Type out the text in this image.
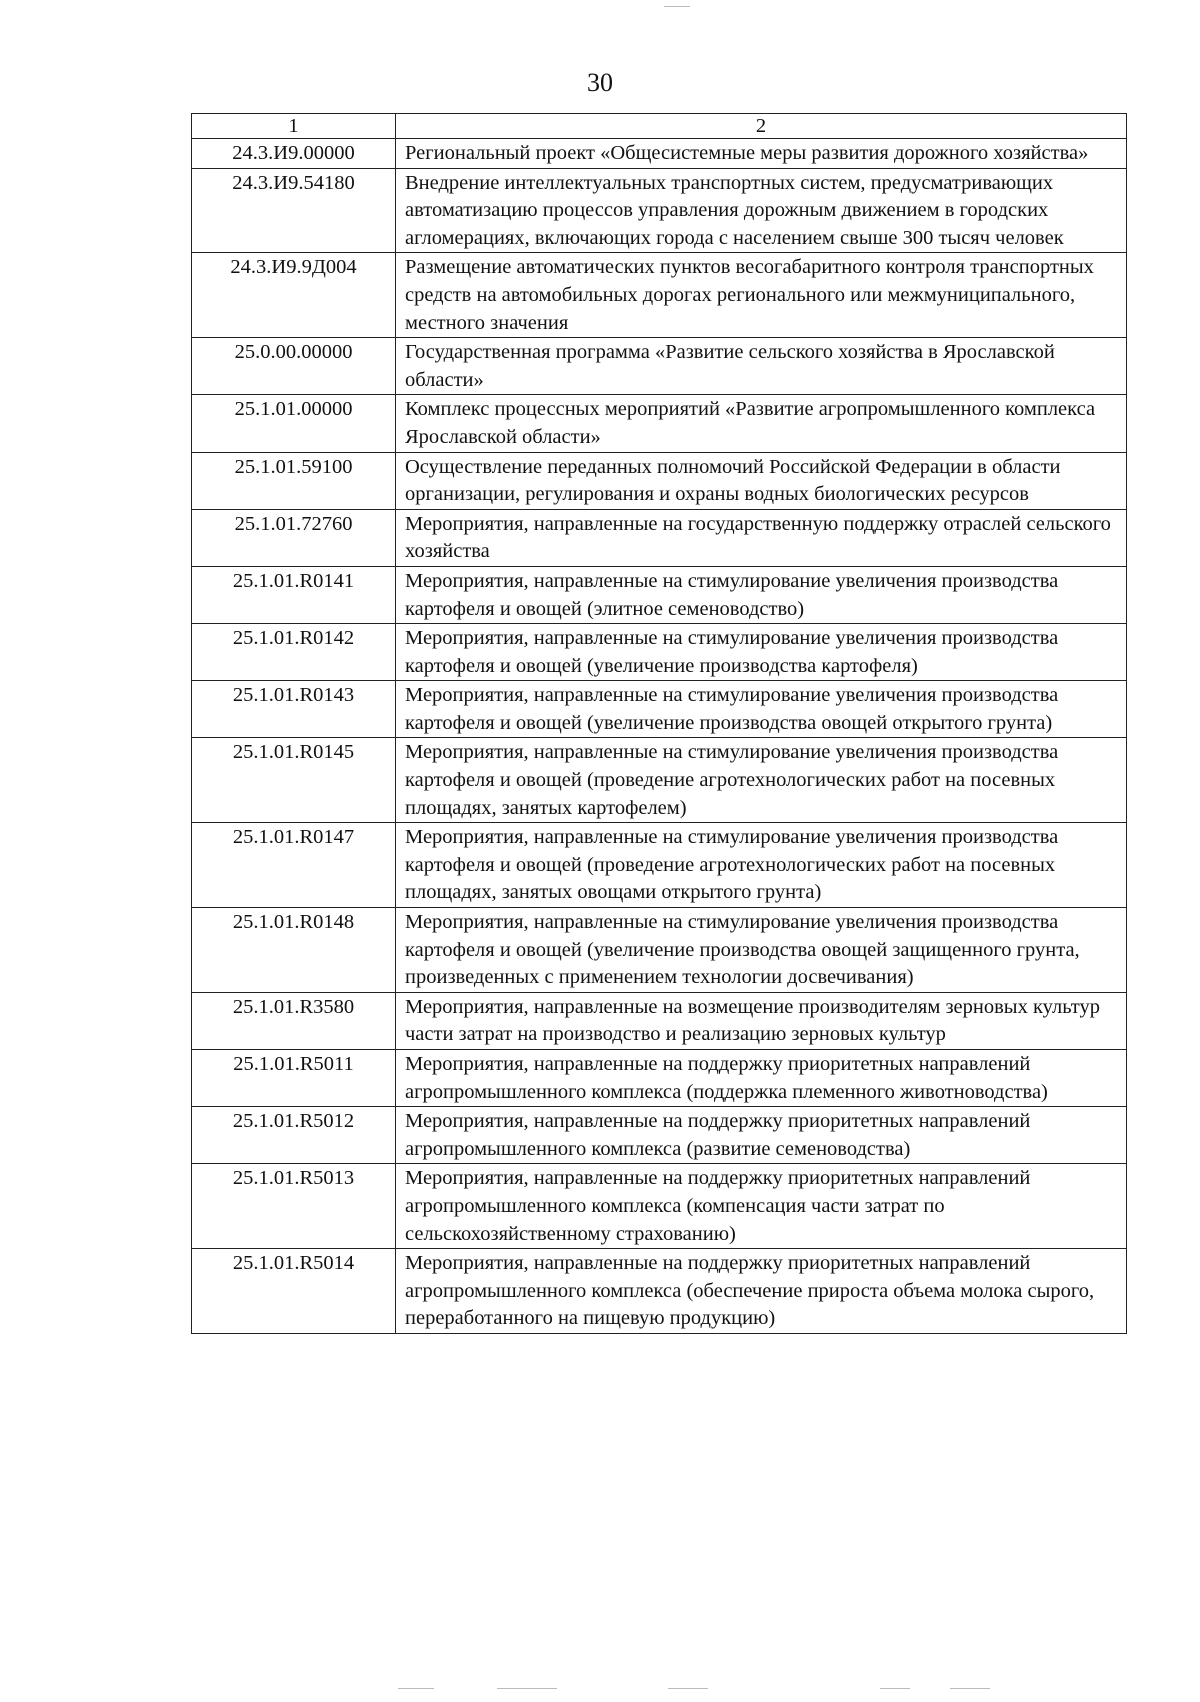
30
1	2
24.3.И9.00000	Региональный проект «Общесистемные меры развития дорожного хозяйства»
24.3.И9.54180	Внедрение интеллектуальных транспортных систем, предусматривающих автоматизацию процессов управления дорожным движением в городских агломерациях, включающих города с населением свыше 300 тысяч человек
24.3.И9.9Д004	Размещение автоматических пунктов весогабаритного контроля транспортных средств на автомобильных дорогах регионального или межмуниципального, местного значения
25.0.00.00000	Государственная программа «Развитие сельского хозяйства в Ярославской области»
25.1.01.00000	Комплекс процессных мероприятий «Развитие агропромышленного комплекса Ярославской области»
25.1.01.59100	Осуществление переданных полномочий Российской Федерации в области организации, регулирования и охраны водных биологических ресурсов
25.1.01.72760	Мероприятия, направленные на государственную поддержку отраслей сельского хозяйства
25.1.01.R0141	Мероприятия, направленные на стимулирование увеличения производства картофеля и овощей (элитное семеноводство)
25.1.01.R0142	Мероприятия, направленные на стимулирование увеличения производства картофеля и овощей (увеличение производства картофеля)
25.1.01.R0143	Мероприятия, направленные на стимулирование увеличения производства картофеля и овощей (увеличение производства овощей открытого грунта)
25.1.01.R0145	Мероприятия, направленные на стимулирование увеличения производства картофеля и овощей (проведение агротехнологических работ на посевных площадях, занятых картофелем)
25.1.01.R0147	Мероприятия, направленные на стимулирование увеличения производства картофеля и овощей (проведение агротехнологических работ на посевных площадях, занятых овощами открытого грунта)
25.1.01.R0148	Мероприятия, направленные на стимулирование увеличения производства картофеля и овощей (увеличение производства овощей защищенного грунта, произведенных с применением технологии досвечивания)
25.1.01.R3580	Мероприятия, направленные на возмещение производителям зерновых культур части затрат на производство и реализацию зерновых культур
25.1.01.R5011	Мероприятия, направленные на поддержку приоритетных направлений агропромышленного комплекса (поддержка племенного животноводства)
25.1.01.R5012	Мероприятия, направленные на поддержку приоритетных направлений агропромышленного комплекса (развитие семеноводства)
25.1.01.R5013	Мероприятия, направленные на поддержку приоритетных направлений агропромышленного комплекса (компенсация части затрат по сельскохозяйственному страхованию)
25.1.01.R5014	Мероприятия, направленные на поддержку приоритетных направлений агропромышленного комплекса (обеспечение прироста объема молока сырого, переработанного на пищевую продукцию)
